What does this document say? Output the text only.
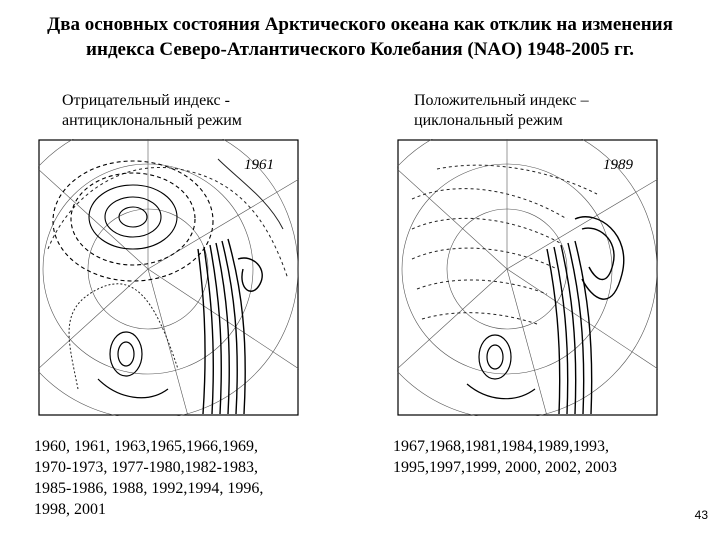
Два основных состояния Арктического океана как отклик на изменения
индекса Северо-Атлантического Колебания (NAO) 1948-2005 гг.
Отрицательный индекс -
антициклональный режим
Положительный индекс –
циклональный режим
1961	1989
1960, 1961, 1963,1965,1966,1969,
1970-1973, 1977-1980,1982-1983,
1985-1986, 1988, 1992,1994, 1996,
1998, 2001
1967,1968,1981,1984,1989,1993,
1995,1997,1999, 2000, 2002, 2003
43
